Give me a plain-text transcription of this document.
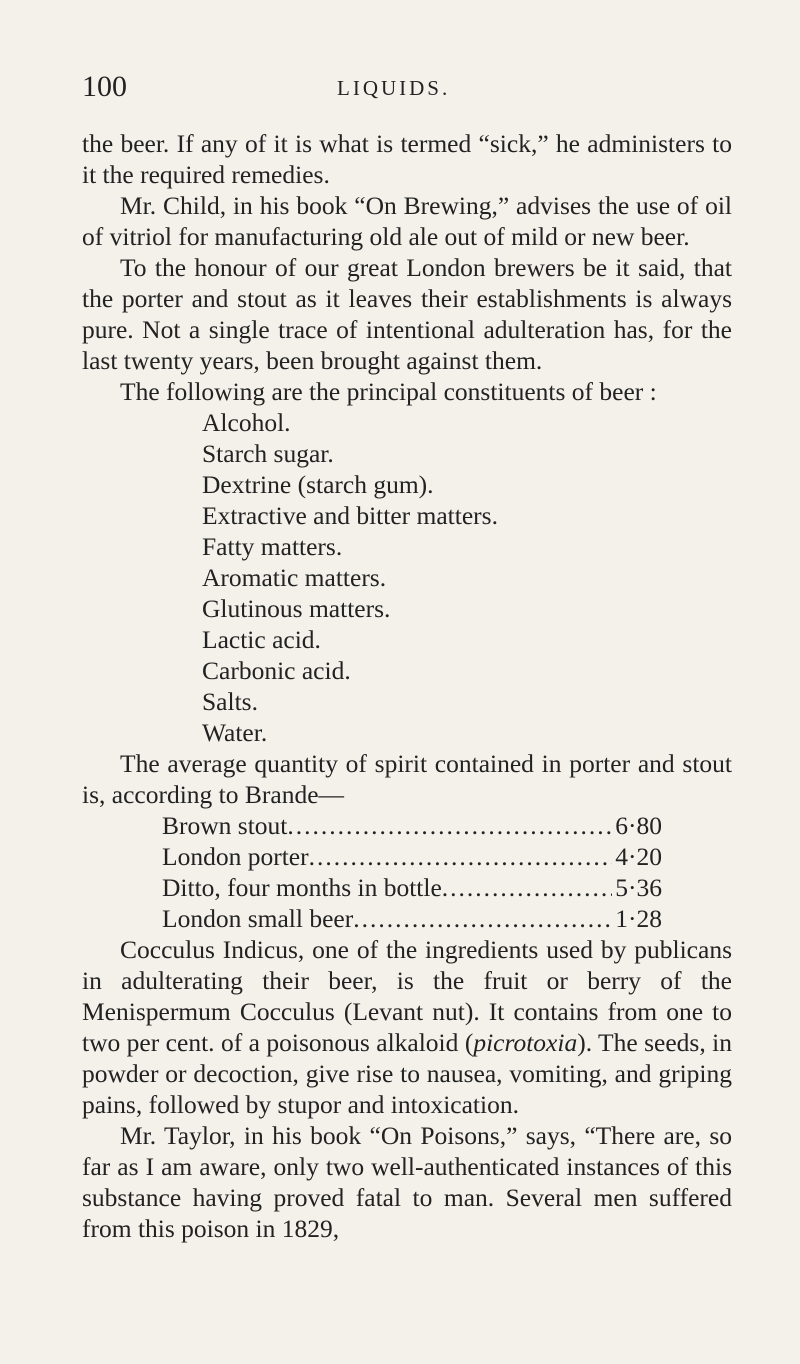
100	LIQUIDS.

the beer. If any of it is what is termed “sick,” he administers to it the required remedies.

Mr. Child, in his book “On Brewing,” advises the use of oil of vitriol for manufacturing old ale out of mild or new beer.

To the honour of our great London brewers be it said, that the porter and stout as it leaves their establishments is always pure. Not a single trace of intentional adulteration has, for the last twenty years, been brought against them.

The following are the principal constituents of beer :

Alcohol.
Starch sugar.
Dextrine (starch gum).
Extractive and bitter matters.
Fatty matters.
Aromatic matters.
Glutinous matters.
Lactic acid.
Carbonic acid.
Salts.
Water.

The average quantity of spirit contained in porter and stout is, according to Brande—

Brown stout .....	6·80
London porter .....	4·20
Ditto, four months in bottle .....	5·36
London small beer .....	1·28

Cocculus Indicus, one of the ingredients used by publicans in adulterating their beer, is the fruit or berry of the Menispermum Cocculus (Levant nut). It contains from one to two per cent. of a poisonous alkaloid (picrotoxia). The seeds, in powder or decoction, give rise to nausea, vomiting, and griping pains, followed by stupor and intoxication.

Mr. Taylor, in his book “On Poisons,” says, “There are, so far as I am aware, only two well-authenticated instances of this substance having proved fatal to man. Several men suffered from this poison in 1829,
